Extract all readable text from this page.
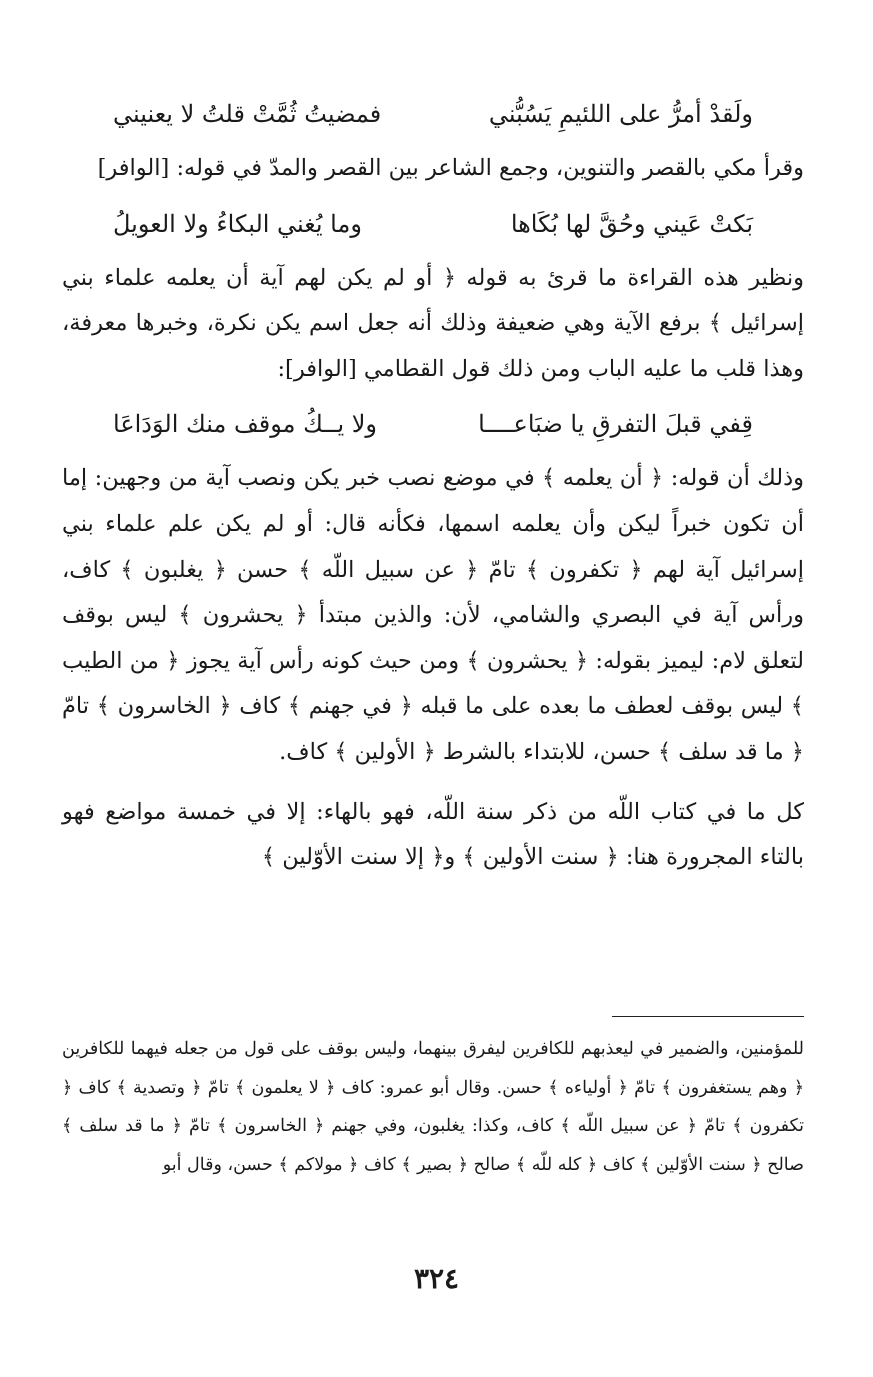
ولَقدْ أمرُّ على اللئيمِ يَسُبُّني
فمضيتُ ثُمَّتْ قلتُ لا يعنيني

وقرأ مكي بالقصر والتنوين، وجمع الشاعر بين القصر والمدّ في قوله: [الوافر]

بَكتْ عَيني وحُقَّ لها بُكَاها
وما يُغني البكاءُ ولا العويلُ

ونظير هذه القراءة ما قرئ به قوله ﴿ أو لم يكن لهم آية أن يعلمه علماء بني إسرائيل ﴾ برفع الآية وهي ضعيفة وذلك أنه جعل اسم يكن نكرة، وخبرها معرفة، وهذا قلب ما عليه الباب ومن ذلك قول القطامي [الوافر]:

قِفي قبلَ التفرقِ يا ضبَاعــــا
ولا يــكُ موقف منك الوَدَاعَا

وذلك أن قوله: ﴿ أن يعلمه ﴾ في موضع نصب خبر يكن ونصب آية من وجهين: إما أن تكون خبراً ليكن وأن يعلمه اسمها، فكأنه قال: أو لم يكن علم علماء بني إسرائيل آية لهم ﴿ تكفرون ﴾ تامّ ﴿ عن سبيل اللّه ﴾ حسن ﴿ يغلبون ﴾ كاف، ورأس آية في البصري والشامي، لأن: والذين مبتدأ ﴿ يحشرون ﴾ ليس بوقف لتعلق لام: ليميز بقوله: ﴿ يحشرون ﴾ ومن حيث كونه رأس آية يجوز ﴿ من الطيب ﴾ ليس بوقف لعطف ما بعده على ما قبله ﴿ في جهنم ﴾ كاف ﴿ الخاسرون ﴾ تامّ ﴿ ما قد سلف ﴾ حسن، للابتداء بالشرط ﴿ الأولين ﴾ كاف.

كل ما في كتاب اللّه من ذكر سنة اللّه، فهو بالهاء: إلا في خمسة مواضع فهو بالتاء المجرورة هنا: ﴿ سنت الأولين ﴾ و﴿ إلا سنت الأوّلين ﴾

للمؤمنين، والضمير في ليعذبهم للكافرين ليفرق بينهما، وليس بوقف على قول من جعله فيهما للكافرين ﴿ وهم يستغفرون ﴾ تامّ ﴿ أولياءه ﴾ حسن. وقال أبو عمرو: كاف ﴿ لا يعلمون ﴾ تامّ ﴿ وتصدية ﴾ كاف ﴿ تكفرون ﴾ تامّ ﴿ عن سبيل اللّه ﴾ كاف، وكذا: يغلبون، وفي جهنم ﴿ الخاسرون ﴾ تامّ ﴿ ما قد سلف ﴾ صالح ﴿ سنت الأوّلين ﴾ كاف ﴿ كله للّه ﴾ صالح ﴿ بصير ﴾ كاف ﴿ مولاكم ﴾ حسن، وقال أبو

٣٢٤
